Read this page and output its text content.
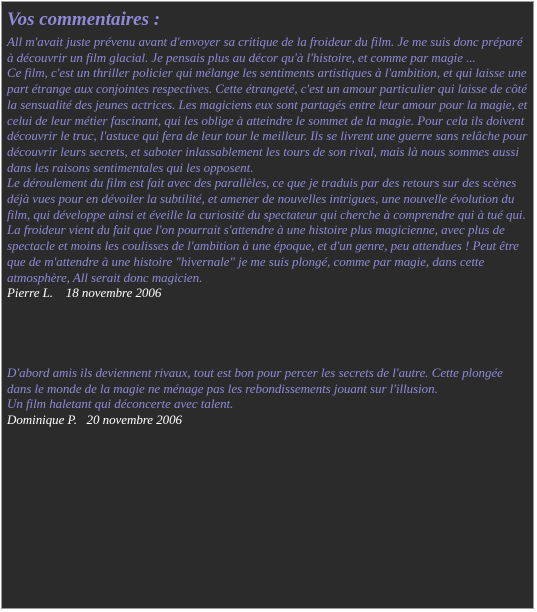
Vos commentaires :

All m'avait juste prévenu avant d'envoyer sa critique de la froideur du film. Je me suis donc préparé à découvrir un film glacial. Je pensais plus au décor qu'à l'histoire, et comme par magie ...

Ce film, c'est un thriller policier qui mélange les sentiments artistiques à l'ambition, et qui laisse une part étrange aux conjointes respectives. Cette étrangeté, c'est un amour particulier qui laisse de côté la sensualité des jeunes actrices. Les magiciens eux sont partagés entre leur amour pour la magie, et celui de leur métier fascinant, qui les oblige à atteindre le sommet de la magie. Pour cela ils doivent découvrir le truc, l'astuce qui fera de leur tour le meilleur. Ils se livrent une guerre sans relâche pour découvrir leurs secrets, et saboter inlassablement les tours de son rival, mais là nous sommes aussi dans les raisons sentimentales qui les opposent.

Le déroulement du film est fait avec des parallèles, ce que je traduis par des retours sur des scènes déjà vues pour en dévoiler la subtilité, et amener de nouvelles intrigues, une nouvelle évolution du film, qui développe ainsi et éveille la curiosité du spectateur qui cherche à comprendre qui à tué qui.

La froideur vient du fait que l'on pourrait s'attendre à une histoire plus magicienne, avec plus de spectacle et moins les coulisses de l'ambition à une époque, et d'un genre, peu attendues ! Peut être que de m'attendre à une histoire "hivernale" je me suis plongé, comme par magie, dans cette atmosphère, All serait donc magicien.

Pierre L.    18 novembre 2006

D'abord amis ils deviennent rivaux, tout est bon pour percer les secrets de l'autre. Cette plongée dans le monde de la magie ne ménage pas les rebondissements jouant sur l'illusion.

Un film haletant qui déconcerte avec talent.

Dominique P.   20 novembre 2006
